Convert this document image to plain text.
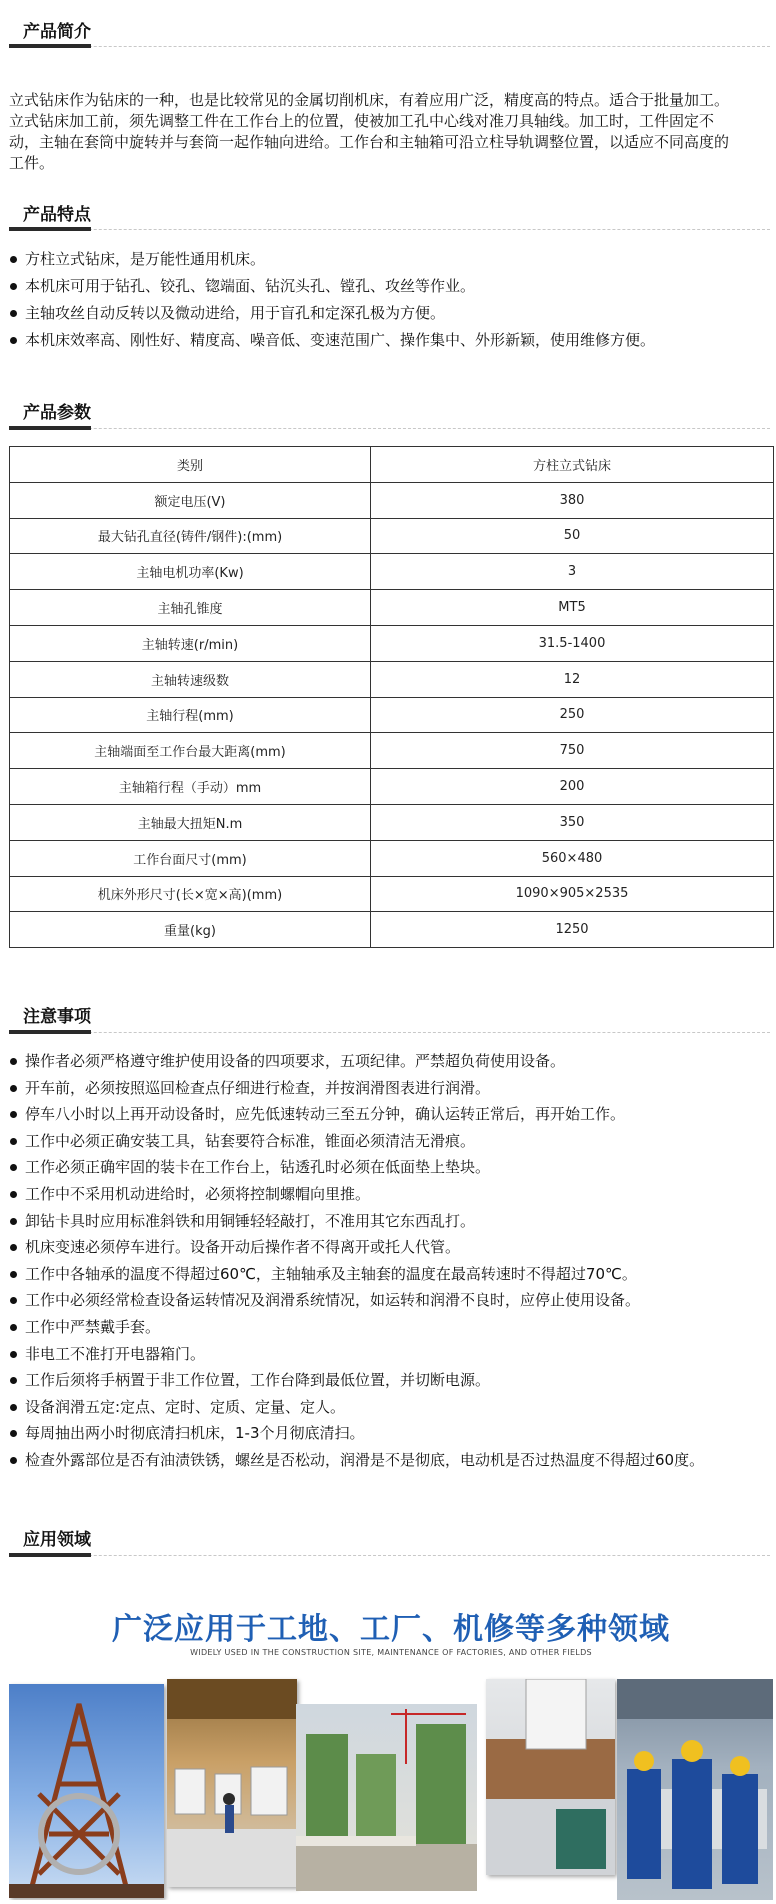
产品简介
立式钻床作为钻床的一种，也是比较常见的金属切削机床，有着应用广泛，精度高的特点。适合于批量加工。
立式钻床加工前，须先调整工件在工作台上的位置，使被加工孔中心线对准刀具轴线。加工时，工件固定不
动，主轴在套筒中旋转并与套筒一起作轴向进给。工作台和主轴箱可沿立柱导轨调整位置，以适应不同高度的
工件。
产品特点
方柱立式钻床，是万能性通用机床。
本机床可用于钻孔、铰孔、锪端面、钻沉头孔、镗孔、攻丝等作业。
主轴攻丝自动反转以及微动进给，用于盲孔和定深孔极为方便。
本机床效率高、刚性好、精度高、噪音低、变速范围广、操作集中、外形新颖，使用维修方便。
产品参数
类别	方柱立式钻床
额定电压(V)	380
最大钻孔直径(铸件/钢件):(mm)	50
主轴电机功率(Kw)	3
主轴孔锥度	MT5
主轴转速(r/min)	31.5-1400
主轴转速级数	12
主轴行程(mm)	250
主轴端面至工作台最大距离(mm)	750
主轴箱行程（手动）mm	200
主轴最大扭矩N.m	350
工作台面尺寸(mm)	560×480
机床外形尺寸(长×宽×高)(mm)	1090×905×2535
重量(kg)	1250
注意事项
操作者必须严格遵守维护使用设备的四项要求，五项纪律。严禁超负荷使用设备。
开车前，必须按照巡回检查点仔细进行检查，并按润滑图表进行润滑。
停车八小时以上再开动设备时，应先低速转动三至五分钟，确认运转正常后，再开始工作。
工作中必须正确安装工具，钻套要符合标准，锥面必须清洁无滑痕。
工作必须正确牢固的装卡在工作台上，钻透孔时必须在低面垫上垫块。
工作中不采用机动进给时，必须将控制螺帽向里推。
卸钻卡具时应用标准斜铁和用铜锤轻轻敲打，不准用其它东西乱打。
机床变速必须停车进行。设备开动后操作者不得离开或托人代管。
工作中各轴承的温度不得超过60℃，主轴轴承及主轴套的温度在最高转速时不得超过70℃。
工作中必须经常检查设备运转情况及润滑系统情况，如运转和润滑不良时，应停止使用设备。
工作中严禁戴手套。
非电工不准打开电器箱门。
工作后须将手柄置于非工作位置，工作台降到最低位置，并切断电源。
设备润滑五定:定点、定时、定质、定量、定人。
每周抽出两小时彻底清扫机床，1-3个月彻底清扫。
检查外露部位是否有油渍铁锈，螺丝是否松动，润滑是不是彻底，电动机是否过热温度不得超过60度。
应用领域
广泛应用于工地、工厂、机修等多种领域
WIDELY USED IN THE CONSTRUCTION SITE, MAINTENANCE OF FACTORIES, AND OTHER FIELDS
